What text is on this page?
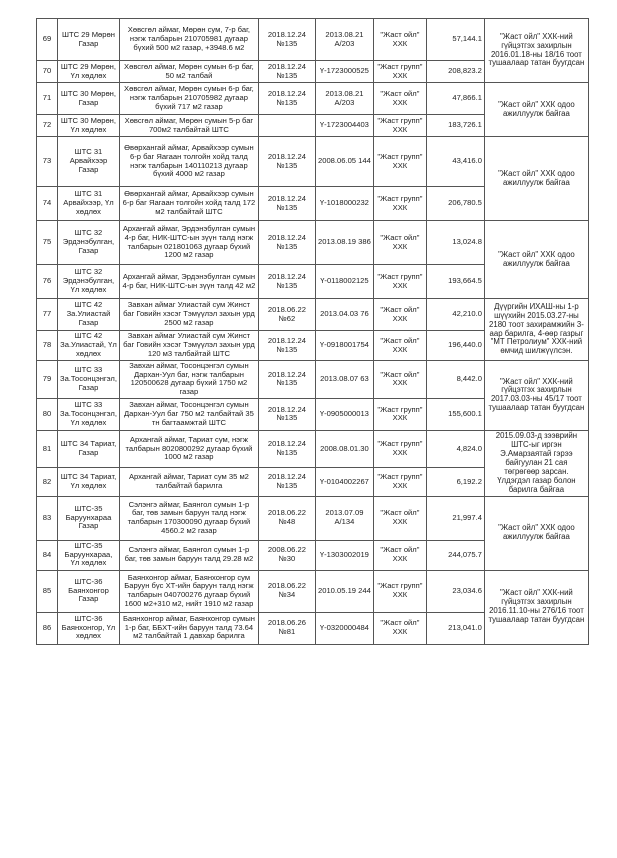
69	ШТС 29 Мөрөн Газар	Хөвсгөл аймаг, Мөрөн сум, 7-р баг, нэгж талбарын 210705981 дугаар бүхий 500 м2 газар, +3948.6 м2	2018.12.24 №135	2013.08.21 А/203	"Жаст ойл" ХХК	57,144.1	"Жаст ойл" ХХК-ний гүйцэтгэх захирлын 2016.01.18-ны 18/16 тоот тушаалаар татан буугдсан
70	ШТС 29 Мөрөн, Үл хөдлөх	Хөвсгөл аймаг, Мөрөн сумын 6-р баг, 50 м2 талбай	2018.12.24 №135	Ү-1723000525	"Жаст групп" ХХК	208,823.2	
71	ШТС 30 Мөрөн, Газар	Хөвсгөл аймаг, Мөрөн сумын 6-р баг, нэгж талбарын 210705982 дугаар бүхий 717 м2 газар	2018.12.24 №135	2013.08.21 А/203	"Жаст ойл" ХХК	47,866.1	"Жаст ойл" ХХК одоо ажиллуулж байгаа
72	ШТС 30 Мөрөн, Үл хөдлөх	Хөвсгөл аймаг, Мөрөн сумын 5-р баг 700м2 талбайтай ШТС		Ү-1723004403	"Жаст групп" ХХК	183,726.1	
73	ШТС 31 Арвайхээр Газар	Өвөрхангай аймаг, Арвайхээр сумын 6-р баг Яагаан толгойн хойд талд нэгж талбарын 140110213 дугаар бүхий 4000 м2 газар	2018.12.24 №135	2008.06.05 144	"Жаст групп" ХХК	43,416.0	"Жаст ойл" ХХК одоо ажиллуулж байгаа
74	ШТС 31 Арвайхээр, Үл хөдлөх	Өвөрхангай аймаг, Арвайхээр сумын 6-р баг Яагаан толгойн хойд талд 172 м2 талбайтай ШТС	2018.12.24 №135	Ү-1018000232	"Жаст групп" ХХК	206,780.5	
75	ШТС 32 Эрдэнэбулган, Газар	Архангай аймаг, Эрдэнэбулган сумын 4-р баг, НИК-ШТС-ын зүүн талд нэгж талбарын 021801063 дугаар бүхий 1200 м2 газар	2018.12.24 №135	2013.08.19 386	"Жаст ойл" ХХК	13,024.8	"Жаст ойл" ХХК одоо ажиллуулж байгаа
76	ШТС 32 Эрдэнэбулган, Үл хөдлөх	Архангай аймаг, Эрдэнэбулган сумын 4-р баг, НИК-ШТС-ын зүүн талд 42 м2	2018.12.24 №135	Ү-0118002125	"Жаст групп" ХХК	193,664.5	
77	ШТС 42 За.Улиастай Газар	Завхан аймаг Улиастай сум Жинст баг Говийн хэсэг Тэмүүлэл захын урд 2500 м2 газар	2018.06.22 №62	2013.04.03 76	"Жаст ойл" ХХК	42,210.0	Дүүргийн ИХАШ-ны 1-р шүүхийн 2015.03.27-ны 2180 тоот захирамжийн 3-аар барилга, 4-өөр газрыг "МТ Петролиум" ХХК-ний өмчид шилжүүлсэн.
78	ШТС 42 За.Улиастай, Үл хөдлөх	Завхан аймаг Улиастай сум Жинст баг Говийн хэсэг Тэмүүлэл захын урд 120 м3 талбайтай ШТС	2018.12.24 №135	Ү-0918001754	"Жаст ойл" ХХК	196,440.0	
79	ШТС 33 За.Тосонцэнгэл, Газар	Завхан аймаг, Тосонцэнгэл сумын Дархан-Уул баг, нэгж талбарын 120500628 дугаар бүхий 1750 м2 газар	2018.12.24 №135	2013.08.07 63	"Жаст ойл" ХХК	8,442.0	"Жаст ойл" ХХК-ний гүйцэтгэх захирлын 2017.03.03-ны 45/17 тоот тушаалаар татан буугдсан
80	ШТС 33 За.Тосонцэнгэл, Үл хөдлөх	Завхан аймаг, Тосонцэнгэл сумын Дархан-Уул баг 750 м2 талбайтай 35 тн багтаамжтай ШТС	2018.12.24 №135	Ү-0905000013	"Жаст групп" ХХК	155,600.1	
81	ШТС 34 Тариат, Газар	Архангай аймаг, Тариат сум, нэгж талбарын 8020800292 дугаар бүхий 1000 м2 газар	2018.12.24 №135	2008.08.01.30	"Жаст групп" ХХК	4,824.0	2015.09.03-д зээврийн ШТС-ыг иргэн Э.Амарзаятай гэрээ байгуулан 21 сая төгрөгөөр зарсан. Үлдэгдэл газар болон барилга байгаа
82	ШТС 34 Тариат, Үл хөдлөх	Архангай аймаг, Тариат сум 35 м2 талбайтай барилга	2018.12.24 №135	Ү-0104002267	"Жаст групп" ХХК	6,192.2	
83	ШТС-35 Баруунхараа Газар	Сэлэнгэ аймаг, Баянгол сумын 1-р баг, төв замын баруун талд нэгж талбарын 170300090 дугаар бүхий 4560.2 м2 газар	2018.06.22 №48	2013.07.09 А/134	"Жаст ойл" ХХК	21,997.4	"Жаст ойл" ХХК одоо ажиллуулж байгаа
84	ШТС-35 Баруунхараа, Үл хөдлөх	Сэлэнгэ аймаг, Баянгол сумын 1-р баг, төв замын баруун талд 29.28 м2	2008.06.22 №30	Ү-1303002019	"Жаст ойл" ХХК	244,075.7	
85	ШТС-36 Баянхонгор Газар	Баянхонгор аймаг, Баянхонгор сум Баруун бүс ХТ-ийн баруун талд нэгж талбарын 040700276 дугаар бүхий 1600 м2+310 м2, нийт 1910 м2 газар	2018.06.22 №34	2010.05.19 244	"Жаст групп" ХХК	23,034.6	"Жаст ойл" ХХК-ний гүйцэтгэх захирлын 2016.11.10-ны 276/16 тоот тушаалаар татан буугдсан
86	ШТС-36 Баянхонгор, Үл хөдлөх	Баянхонгор аймаг, Баянхонгор сумын 1-р баг, ББХТ-ийн баруун талд 73.64 м2 талбайтай 1 давхар барилга	2018.06.26 №81	Ү-0320000484	"Жаст ойл" ХХК	213,041.0	
